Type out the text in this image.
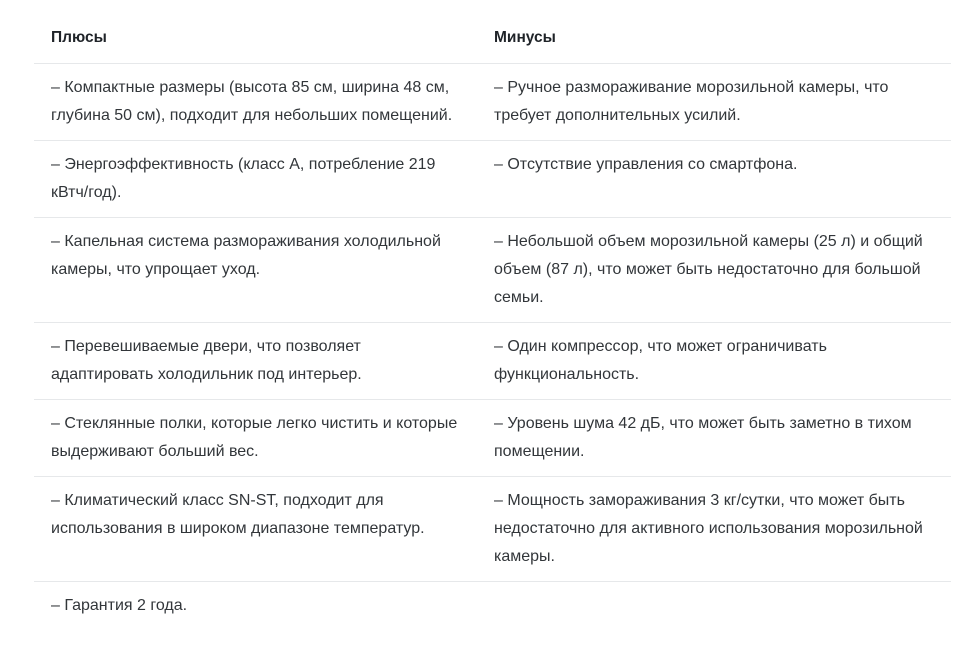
Плюсы	Минусы
– Компактные размеры (высота 85 см, ширина 48 см, глубина 50 см), подходит для небольших помещений.	– Ручное размораживание морозильной камеры, что требует дополнительных усилий.
– Энергоэффективность (класс А, потребление 219 кВтч/год).	– Отсутствие управления со смартфона.
– Капельная система размораживания холодильной камеры, что упрощает уход.	– Небольшой объем морозильной камеры (25 л) и общий объем (87 л), что может быть недостаточно для большой семьи.
– Перевешиваемые двери, что позволяет адаптировать холодильник под интерьер.	– Один компрессор, что может ограничивать функциональность.
– Стеклянные полки, которые легко чистить и которые выдерживают больший вес.	– Уровень шума 42 дБ, что может быть заметно в тихом помещении.
– Климатический класс SN-ST, подходит для использования в широком диапазоне температур.	– Мощность замораживания 3 кг/сутки, что может быть недостаточно для активного использования морозильной камеры.
– Гарантия 2 года.	
